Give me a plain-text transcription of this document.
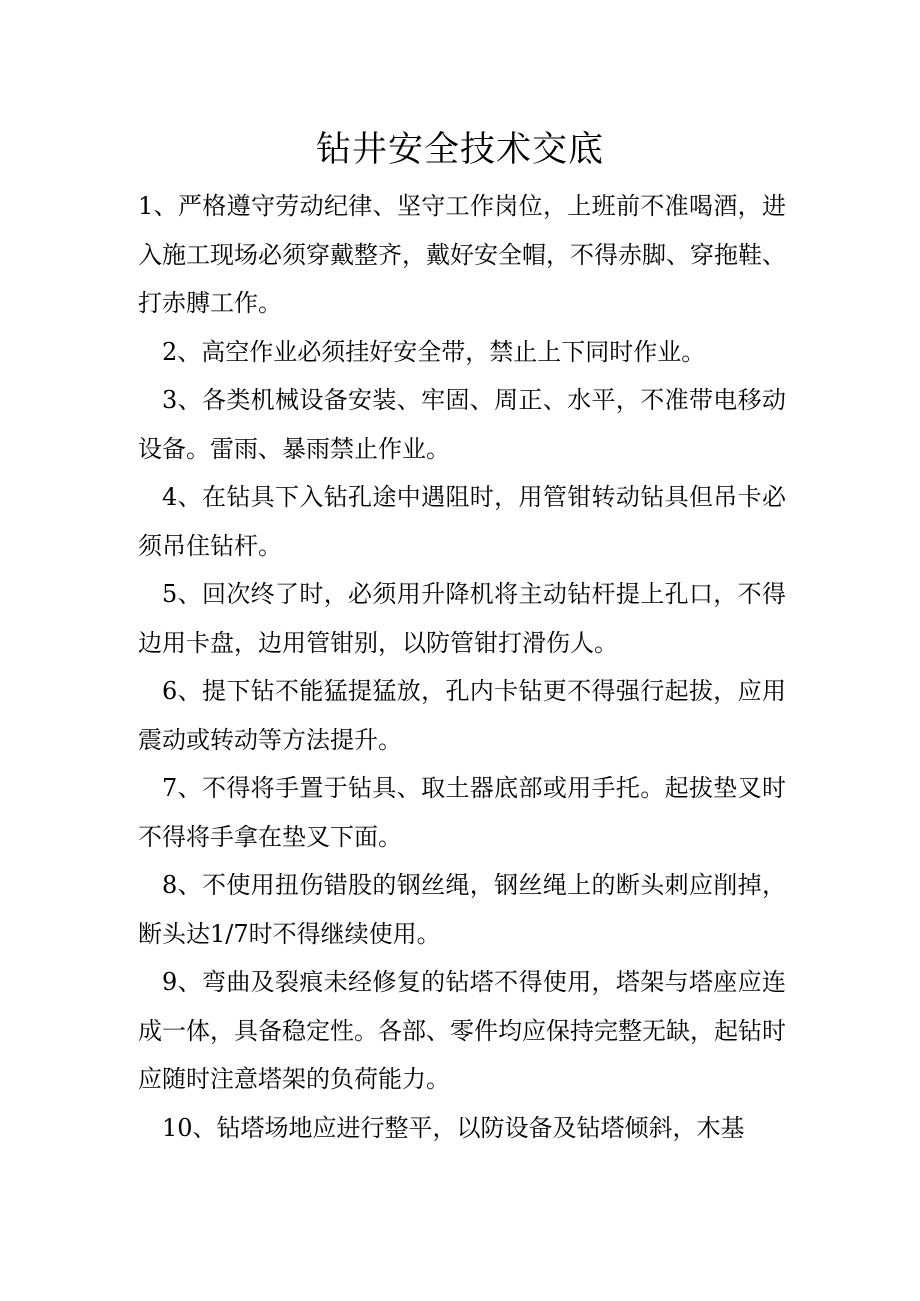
钻井安全技术交底

1、严格遵守劳动纪律、坚守工作岗位，上班前不准喝酒，进入施工现场必须穿戴整齐，戴好安全帽，不得赤脚、穿拖鞋、打赤膊工作。

2、高空作业必须挂好安全带，禁止上下同时作业。

3、各类机械设备安装、牢固、周正、水平，不准带电移动设备。雷雨、暴雨禁止作业。

4、在钻具下入钻孔途中遇阻时，用管钳转动钻具但吊卡必须吊住钻杆。

5、回次终了时，必须用升降机将主动钻杆提上孔口，不得边用卡盘，边用管钳别，以防管钳打滑伤人。

6、提下钻不能猛提猛放，孔内卡钻更不得强行起拔，应用震动或转动等方法提升。

7、不得将手置于钻具、取土器底部或用手托。起拔垫叉时不得将手拿在垫叉下面。

8、不使用扭伤错股的钢丝绳，钢丝绳上的断头刺应削掉，断头达1/7时不得继续使用。

9、弯曲及裂痕未经修复的钻塔不得使用，塔架与塔座应连成一体，具备稳定性。各部、零件均应保持完整无缺，起钻时应随时注意塔架的负荷能力。

10、钻塔场地应进行整平，以防设备及钻塔倾斜，木基
